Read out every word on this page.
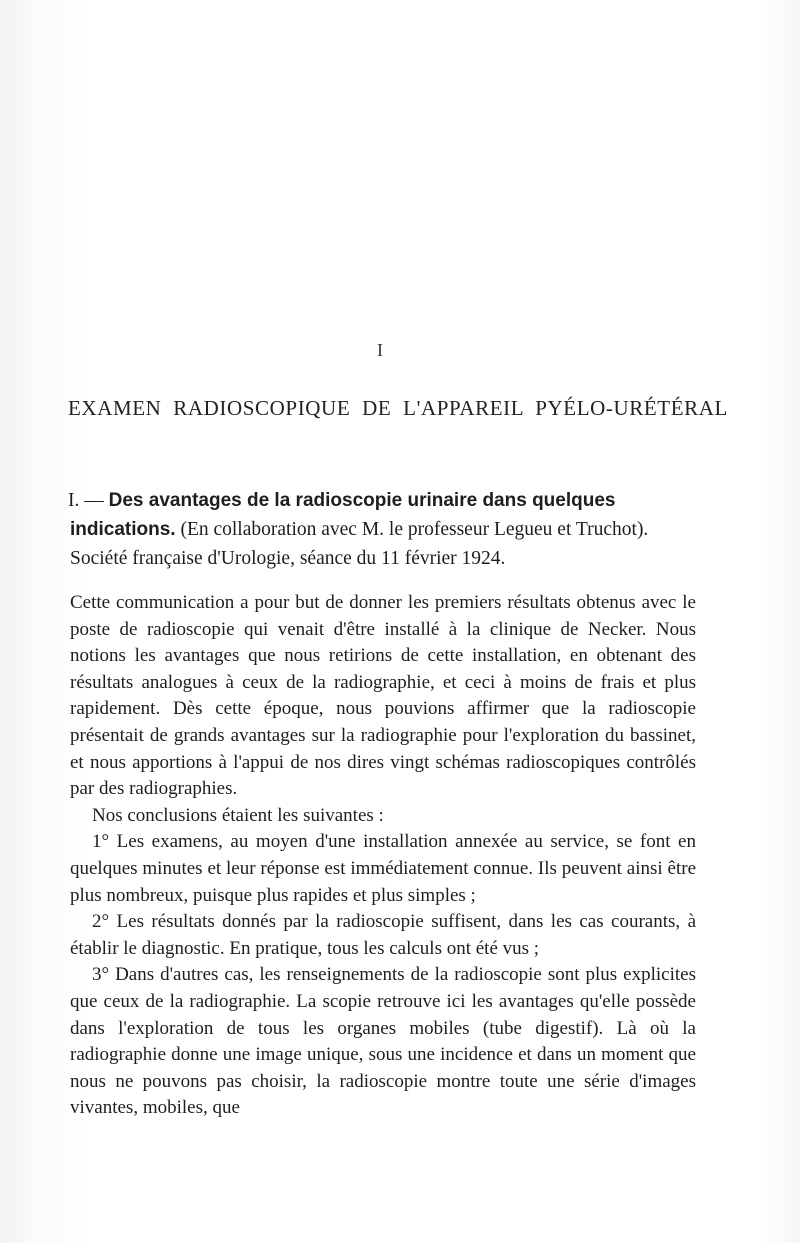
I
EXAMEN RADIOSCOPIQUE DE L'APPAREIL PYÉLO-URÉTÉRAL
I. — Des avantages de la radioscopie urinaire dans quelques indications. (En collaboration avec M. le professeur Legueu et Truchot). Société française d'Urologie, séance du 11 février 1924.

Cette communication a pour but de donner les premiers résultats obtenus avec le poste de radioscopie qui venait d'être installé à la clinique de Necker. Nous notions les avantages que nous retirions de cette installation, en obtenant des résultats analogues à ceux de la radiographie, et ceci à moins de frais et plus rapidement. Dès cette époque, nous pouvions affirmer que la radioscopie présentait de grands avantages sur la radiographie pour l'exploration du bassinet, et nous apportions à l'appui de nos dires vingt schémas radioscopiques contrôlés par des radiographies.

Nos conclusions étaient les suivantes :

1° Les examens, au moyen d'une installation annexée au service, se font en quelques minutes et leur réponse est immédiatement connue. Ils peuvent ainsi être plus nombreux, puisque plus rapides et plus simples ;

2° Les résultats donnés par la radioscopie suffisent, dans les cas courants, à établir le diagnostic. En pratique, tous les calculs ont été vus ;

3° Dans d'autres cas, les renseignements de la radioscopie sont plus explicites que ceux de la radiographie. La scopie retrouve ici les avantages qu'elle possède dans l'exploration de tous les organes mobiles (tube digestif). Là où la radiographie donne une image unique, sous une incidence et dans un moment que nous ne pouvons pas choisir, la radioscopie montre toute une série d'images vivantes, mobiles, que
